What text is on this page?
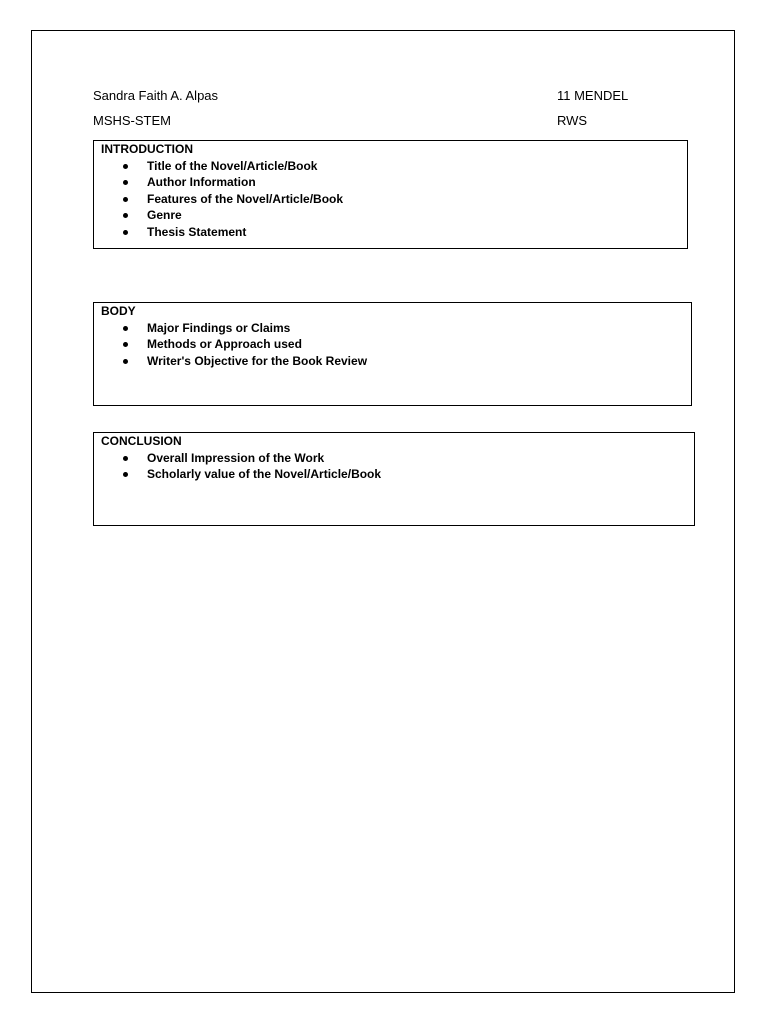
Sandra Faith A. Alpas	11 MENDEL
MSHS-STEM	RWS
INTRODUCTION
Title of the Novel/Article/Book
Author Information
Features of the Novel/Article/Book
Genre
Thesis Statement
BODY
Major Findings or Claims
Methods or Approach used
Writer's Objective for the Book Review
CONCLUSION
Overall Impression of the Work
Scholarly value of the Novel/Article/Book
